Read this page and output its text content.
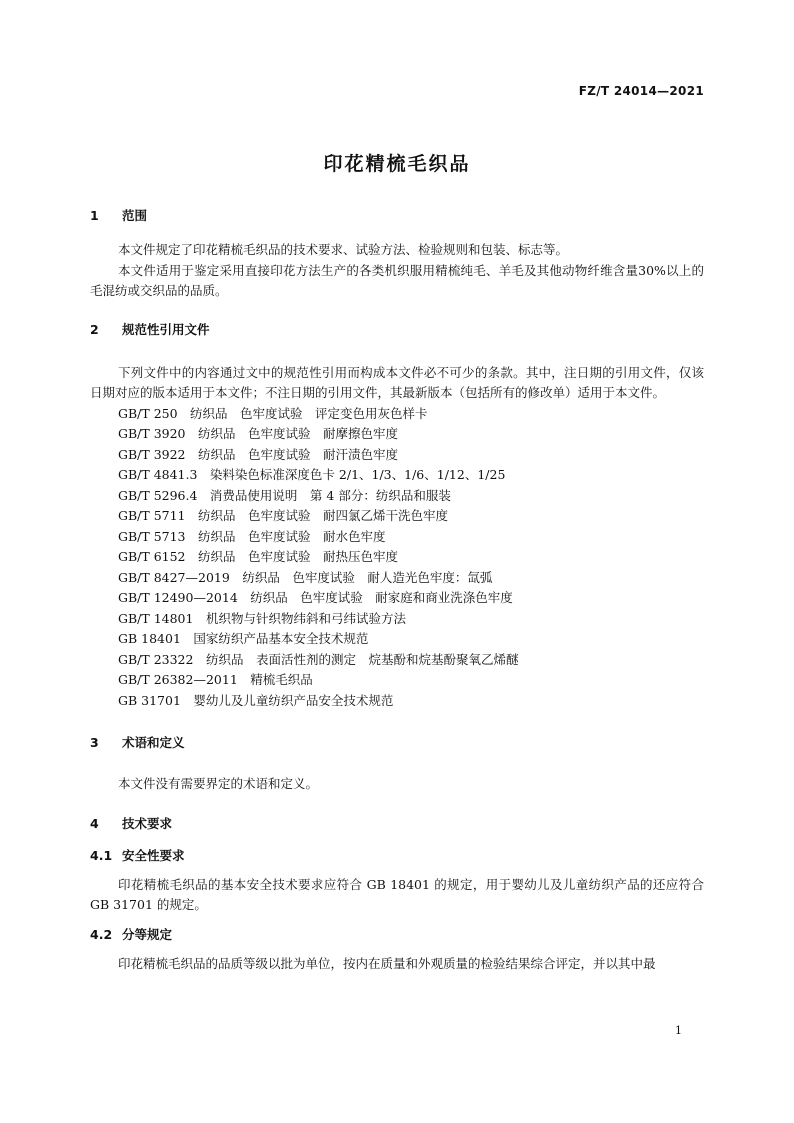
FZ/T 24014—2021
印花精梳毛织品
1	范围
本文件规定了印花精梳毛织品的技术要求、试验方法、检验规则和包装、标志等。
本文件适用于鉴定采用直接印花方法生产的各类机织服用精梳纯毛、羊毛及其他动物纤维含量30%以上的毛混纺或交织品的品质。
2	规范性引用文件
下列文件中的内容通过文中的规范性引用而构成本文件必不可少的条款。其中，注日期的引用文件，仅该日期对应的版本适用于本文件；不注日期的引用文件，其最新版本（包括所有的修改单）适用于本文件。
GB/T 250　纺织品　色牢度试验　评定变色用灰色样卡
GB/T 3920　纺织品　色牢度试验　耐摩擦色牢度
GB/T 3922　纺织品　色牢度试验　耐汗渍色牢度
GB/T 4841.3　染料染色标准深度色卡 2/1、1/3、1/6、1/12、1/25
GB/T 5296.4　消费品使用说明　第 4 部分：纺织品和服装
GB/T 5711　纺织品　色牢度试验　耐四氯乙烯干洗色牢度
GB/T 5713　纺织品　色牢度试验　耐水色牢度
GB/T 6152　纺织品　色牢度试验　耐热压色牢度
GB/T 8427—2019　纺织品　色牢度试验　耐人造光色牢度：氙弧
GB/T 12490—2014　纺织品　色牢度试验　耐家庭和商业洗涤色牢度
GB/T 14801　机织物与针织物纬斜和弓纬试验方法
GB 18401　国家纺织产品基本安全技术规范
GB/T 23322　纺织品　表面活性剂的测定　烷基酚和烷基酚聚氧乙烯醚
GB/T 26382—2011　精梳毛织品
GB 31701　婴幼儿及儿童纺织产品安全技术规范
3	术语和定义
本文件没有需要界定的术语和定义。
4	技术要求
4.1 安全性要求
印花精梳毛织品的基本安全技术要求应符合 GB 18401 的规定，用于婴幼儿及儿童纺织产品的还应符合 GB 31701 的规定。
4.2 分等规定
印花精梳毛织品的品质等级以批为单位，按内在质量和外观质量的检验结果综合评定，并以其中最
1
